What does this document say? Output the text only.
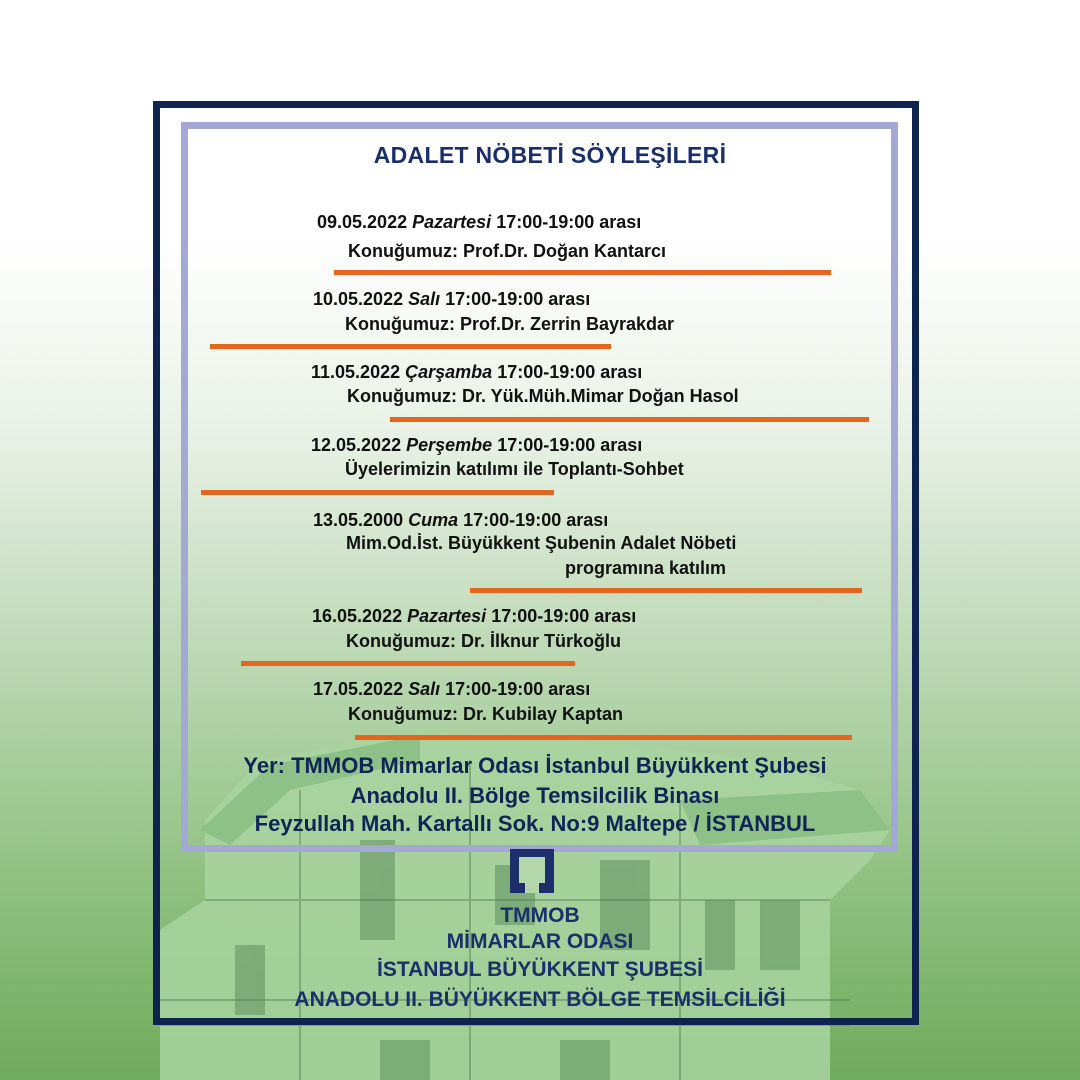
ADALET NÖBETİ SÖYLEŞİLERİ
09.05.2022 Pazartesi 17:00-19:00 arası
Konuğumuz: Prof.Dr. Doğan Kantarcı
10.05.2022 Salı 17:00-19:00 arası
Konuğumuz: Prof.Dr. Zerrin Bayrakdar
11.05.2022 Çarşamba 17:00-19:00 arası
Konuğumuz: Dr. Yük.Müh.Mimar Doğan Hasol
12.05.2022 Perşembe 17:00-19:00 arası
Üyelerimizin katılımı ile Toplantı-Sohbet
13.05.2000 Cuma 17:00-19:00 arası
Mim.Od.İst. Büyükkent Şubenin Adalet Nöbeti
programına katılım
16.05.2022 Pazartesi 17:00-19:00 arası
Konuğumuz: Dr. İlknur Türkoğlu
17.05.2022 Salı 17:00-19:00 arası
Konuğumuz: Dr. Kubilay Kaptan
Yer: TMMOB Mimarlar Odası İstanbul Büyükkent Şubesi
Anadolu II. Bölge Temsilcilik Binası
Feyzullah Mah. Kartallı Sok. No:9 Maltepe / İSTANBUL
TMMOB
MİMARLAR ODASI
İSTANBUL BÜYÜKKENT ŞUBESİ
ANADOLU II. BÜYÜKKENT BÖLGE TEMSİLCİLİĞİ
